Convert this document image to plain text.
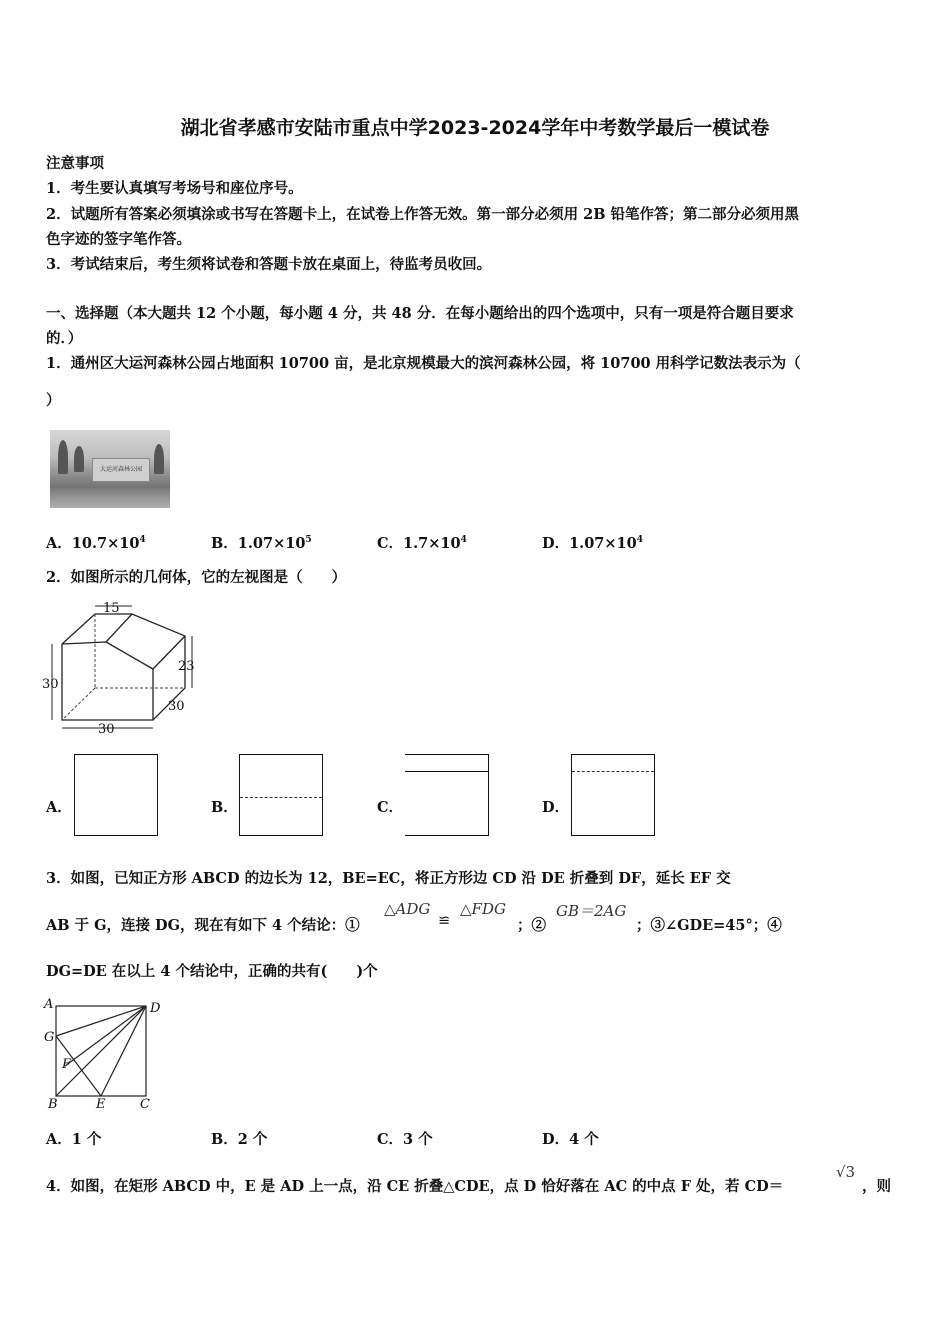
湖北省孝感市安陆市重点中学2023-2024学年中考数学最后一模试卷
注意事项
1．考生要认真填写考场号和座位序号。
2．试题所有答案必须填涂或书写在答题卡上，在试卷上作答无效。第一部分必须用 2B 铅笔作答；第二部分必须用黑
色字迹的签字笔作答。
3．考试结束后，考生须将试卷和答题卡放在桌面上，待监考员收回。
一、选择题（本大题共 12 个小题，每小题 4 分，共 48 分．在每小题给出的四个选项中，只有一项是符合题目要求
的．）
1．通州区大运河森林公园占地面积 10700 亩，是北京规模最大的滨河森林公园，将 10700 用科学记数法表示为（
）
大运河森林公园
A．$10.7\times 10^4$	B．$1.07\times 10^5$	C．$1.7\times 10^4$	D．$1.07\times 10^4$
2．如图所示的几何体，它的左视图是（　　）
15
30
23
30
30
A．	B．	C．	D．
3．如图，已知正方形 ABCD 的边长为 12，BE=EC，将正方形边 CD 沿 DE 折叠到 DF，延长 EF 交
AB 于 G，连接 DG，现在有如下 4 个结论：①
△ADG
≌
△FDG
；②
GB＝2AG
；③∠GDE=45°；④
DG=DE 在以上 4 个结论中，正确的共有(　　)个
A	D
G
F
B	E	C
A．1 个	B．2 个	C．3 个	D．4 个
4．如图，在矩形 ABCD 中，E 是 AD 上一点，沿 CE 折叠△CDE，点 D 恰好落在 AC 的中点 F 处，若 CD＝
√3
，则
